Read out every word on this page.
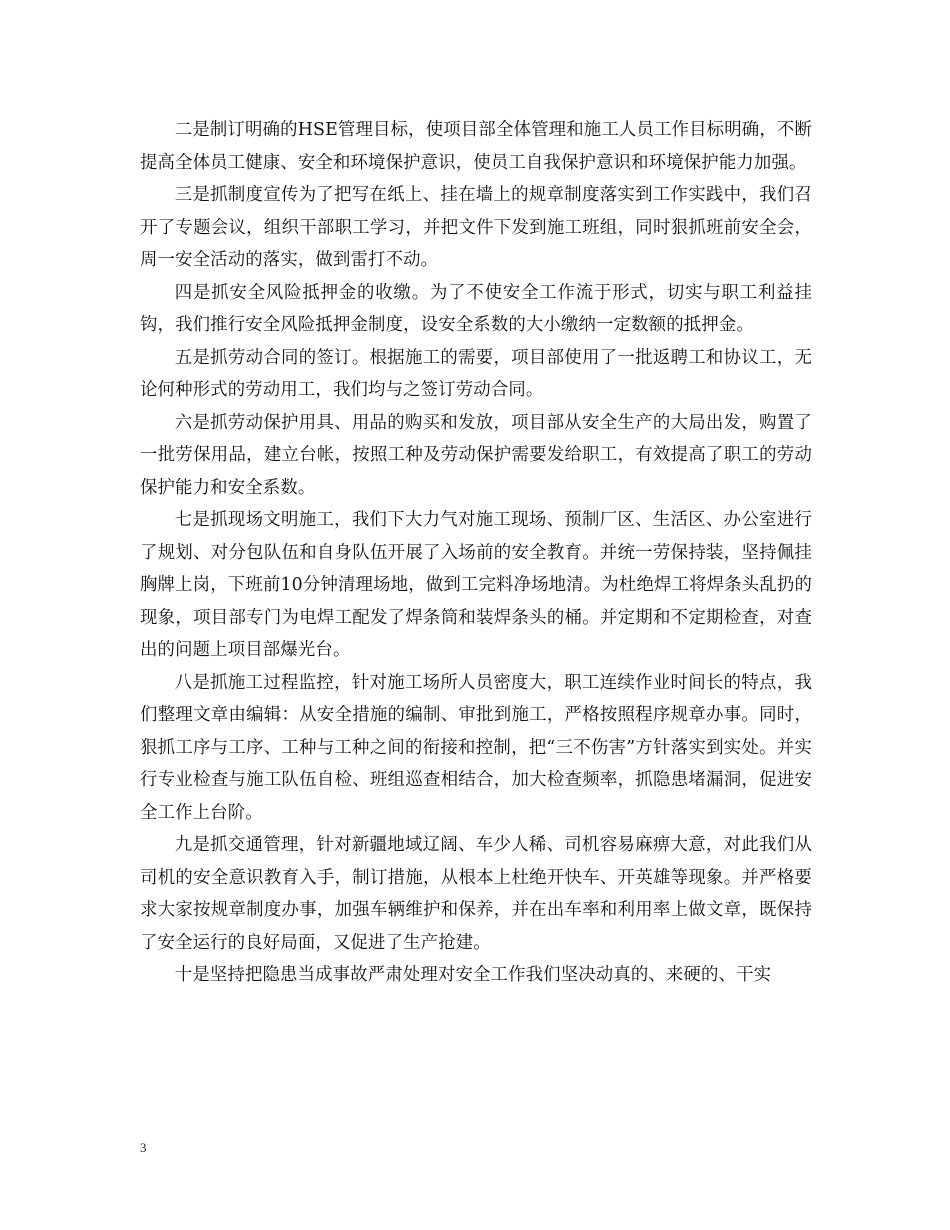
二是制订明确的HSE管理目标，使项目部全体管理和施工人员工作目标明确，不断提高全体员工健康、安全和环境保护意识，使员工自我保护意识和环境保护能力加强。

三是抓制度宣传为了把写在纸上、挂在墙上的规章制度落实到工作实践中，我们召开了专题会议，组织干部职工学习，并把文件下发到施工班组，同时狠抓班前安全会，周一安全活动的落实，做到雷打不动。

四是抓安全风险抵押金的收缴。为了不使安全工作流于形式，切实与职工利益挂钩，我们推行安全风险抵押金制度，设安全系数的大小缴纳一定数额的抵押金。

五是抓劳动合同的签订。根据施工的需要，项目部使用了一批返聘工和协议工，无论何种形式的劳动用工，我们均与之签订劳动合同。

六是抓劳动保护用具、用品的购买和发放，项目部从安全生产的大局出发，购置了一批劳保用品，建立台帐，按照工种及劳动保护需要发给职工，有效提高了职工的劳动保护能力和安全系数。

七是抓现场文明施工，我们下大力气对施工现场、预制厂区、生活区、办公室进行了规划、对分包队伍和自身队伍开展了入场前的安全教育。并统一劳保持装，坚持佩挂胸牌上岗，下班前10分钟清理场地，做到工完料净场地清。为杜绝焊工将焊条头乱扔的现象，项目部专门为电焊工配发了焊条筒和装焊条头的桶。并定期和不定期检查，对查出的问题上项目部爆光台。

八是抓施工过程监控，针对施工场所人员密度大，职工连续作业时间长的特点，我们整理文章由编辑：从安全措施的编制、审批到施工，严格按照程序规章办事。同时，狠抓工序与工序、工种与工种之间的衔接和控制，把“三不伤害”方针落实到实处。并实行专业检查与施工队伍自检、班组巡查相结合，加大检查频率，抓隐患堵漏洞，促进安全工作上台阶。

九是抓交通管理，针对新疆地域辽阔、车少人稀、司机容易麻痹大意，对此我们从司机的安全意识教育入手，制订措施，从根本上杜绝开快车、开英雄等现象。并严格要求大家按规章制度办事，加强车辆维护和保养，并在出车率和利用率上做文章，既保持了安全运行的良好局面，又促进了生产抢建。

十是坚持把隐患当成事故严肃处理对安全工作我们坚决动真的、来硬的、干实

3
